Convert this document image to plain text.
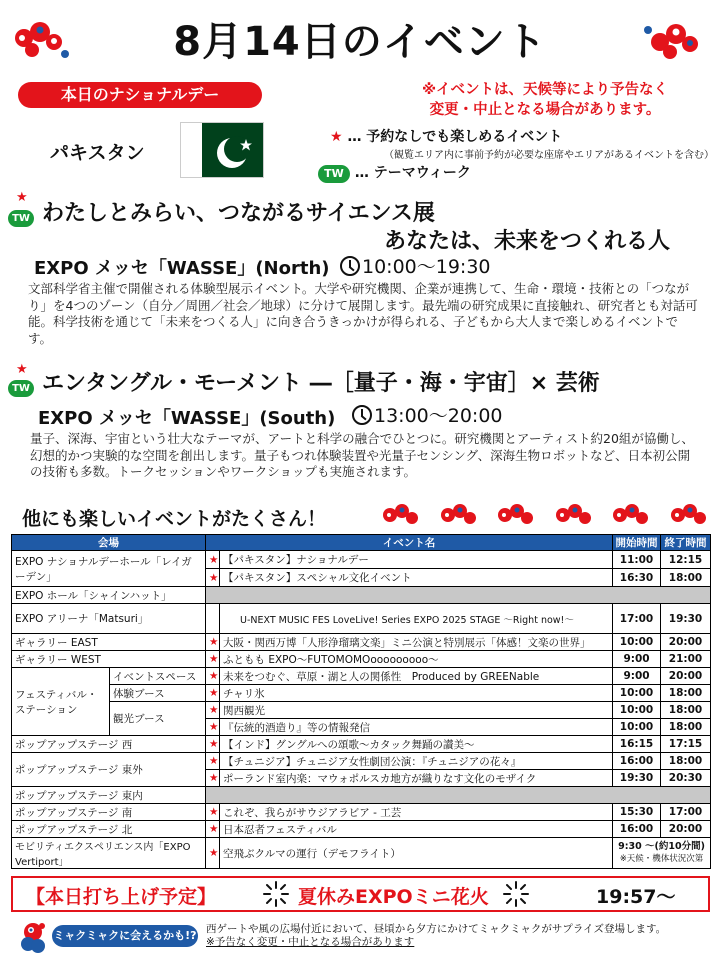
8月14日のイベント
本日のナショナルデー	※イベントは、天候等により予告なく
変更・中止となる場合があります。
パキスタン
★ … 予約なしでも楽しめるイベント
（観覧エリア内に事前予約が必要な座席やエリアがあるイベントを含む）
TW … テーマウィーク
★
TW わたしとみらい、つながるサイエンス展
あなたは、未来をつくれる人
EXPO メッセ「WASSE」(North)	10:00～19:30
文部科学省主催で開催される体験型展示イベント。大学や研究機関、企業が連携して、生命・環境・技術との「つながり」を4つのゾーン（自分／周囲／社会／地球）に分けて展開します。最先端の研究成果に直接触れ、研究者とも対話可能。科学技術を通じて「未来をつくる人」に向き合うきっかけが得られる、子どもから大人まで楽しめるイベントです。
★
TW エンタングル・モーメント ―［量子・海・宇宙］× 芸術
EXPO メッセ「WASSE」(South)	13:00～20:00
量子、深海、宇宙という壮大なテーマが、アートと科学の融合でひとつに。研究機関とアーティスト約20組が協働し、幻想的かつ実験的な空間を創出します。量子もつれ体験装置や光量子センシング、深海生物ロボットなど、日本初公開の技術も多数。トークセッションやワークショップも実施されます。
他にも楽しいイベントがたくさん！
会場		イベント名		開始時間	終了時間
EXPO ナショナルデーホール「レイガーデン」		★	【パキスタン】ナショナルデー	11:00	12:15
		★	【パキスタン】スペシャル文化イベント	16:30	18:00
EXPO ホール「シャインハット」					
EXPO アリーナ「Matsuri」			U-NEXT MUSIC FES LoveLive! Series EXPO 2025 STAGE ～Right now!～	17:00	19:30
ギャラリー EAST		★	大阪・関西万博「人形浄瑠璃文楽」ミニ公演と特別展示「体感！文楽の世界」	10:00	20:00
ギャラリー WEST		★	ふともも EXPO～FUTOMOMOooooooooo～	9:00	21:00
フェスティバル・ステーション	イベントスペース	★	未来をつむぐ、草原・湖と人の関係性　Produced by GREENable	9:00	20:00
	体験ブース	★	チャリ氷	10:00	18:00
	観光ブース	★	関西観光	10:00	18:00
		★	『伝統的酒造り』等の情報発信	10:00	18:00
ポップアップステージ 西		★	【インド】グングルへの頌歌～カタック舞踊の讃美～	16:15	17:15
ポップアップステージ 東外		★	【チュニジア】チュニジア女性劇団公演：『チュニジアの花々』	16:00	18:00
		★	ポーランド室内楽：マウォポルスカ地方が織りなす文化のモザイク	19:30	20:30
ポップアップステージ 東内					
ポップアップステージ 南		★	これぞ、我らがサウジアラビア - 工芸	15:30	17:00
ポップアップステージ 北		★	日本忍者フェスティバル	16:00	20:00
モビリティエクスペリエンス内「EXPO Vertiport」		★	空飛ぶクルマの運行（デモフライト）	9:30 ～(約10分間)
※天候・機体状況次第	
【本日打ち上げ予定】	夏休みEXPOミニ花火	19:57～
ミャクミャクに会えるかも!? 西ゲートや風の広場付近において、昼頃から夕方にかけてミャクミャクがサプライズ登場します。
※予告なく変更・中止となる場合があります
